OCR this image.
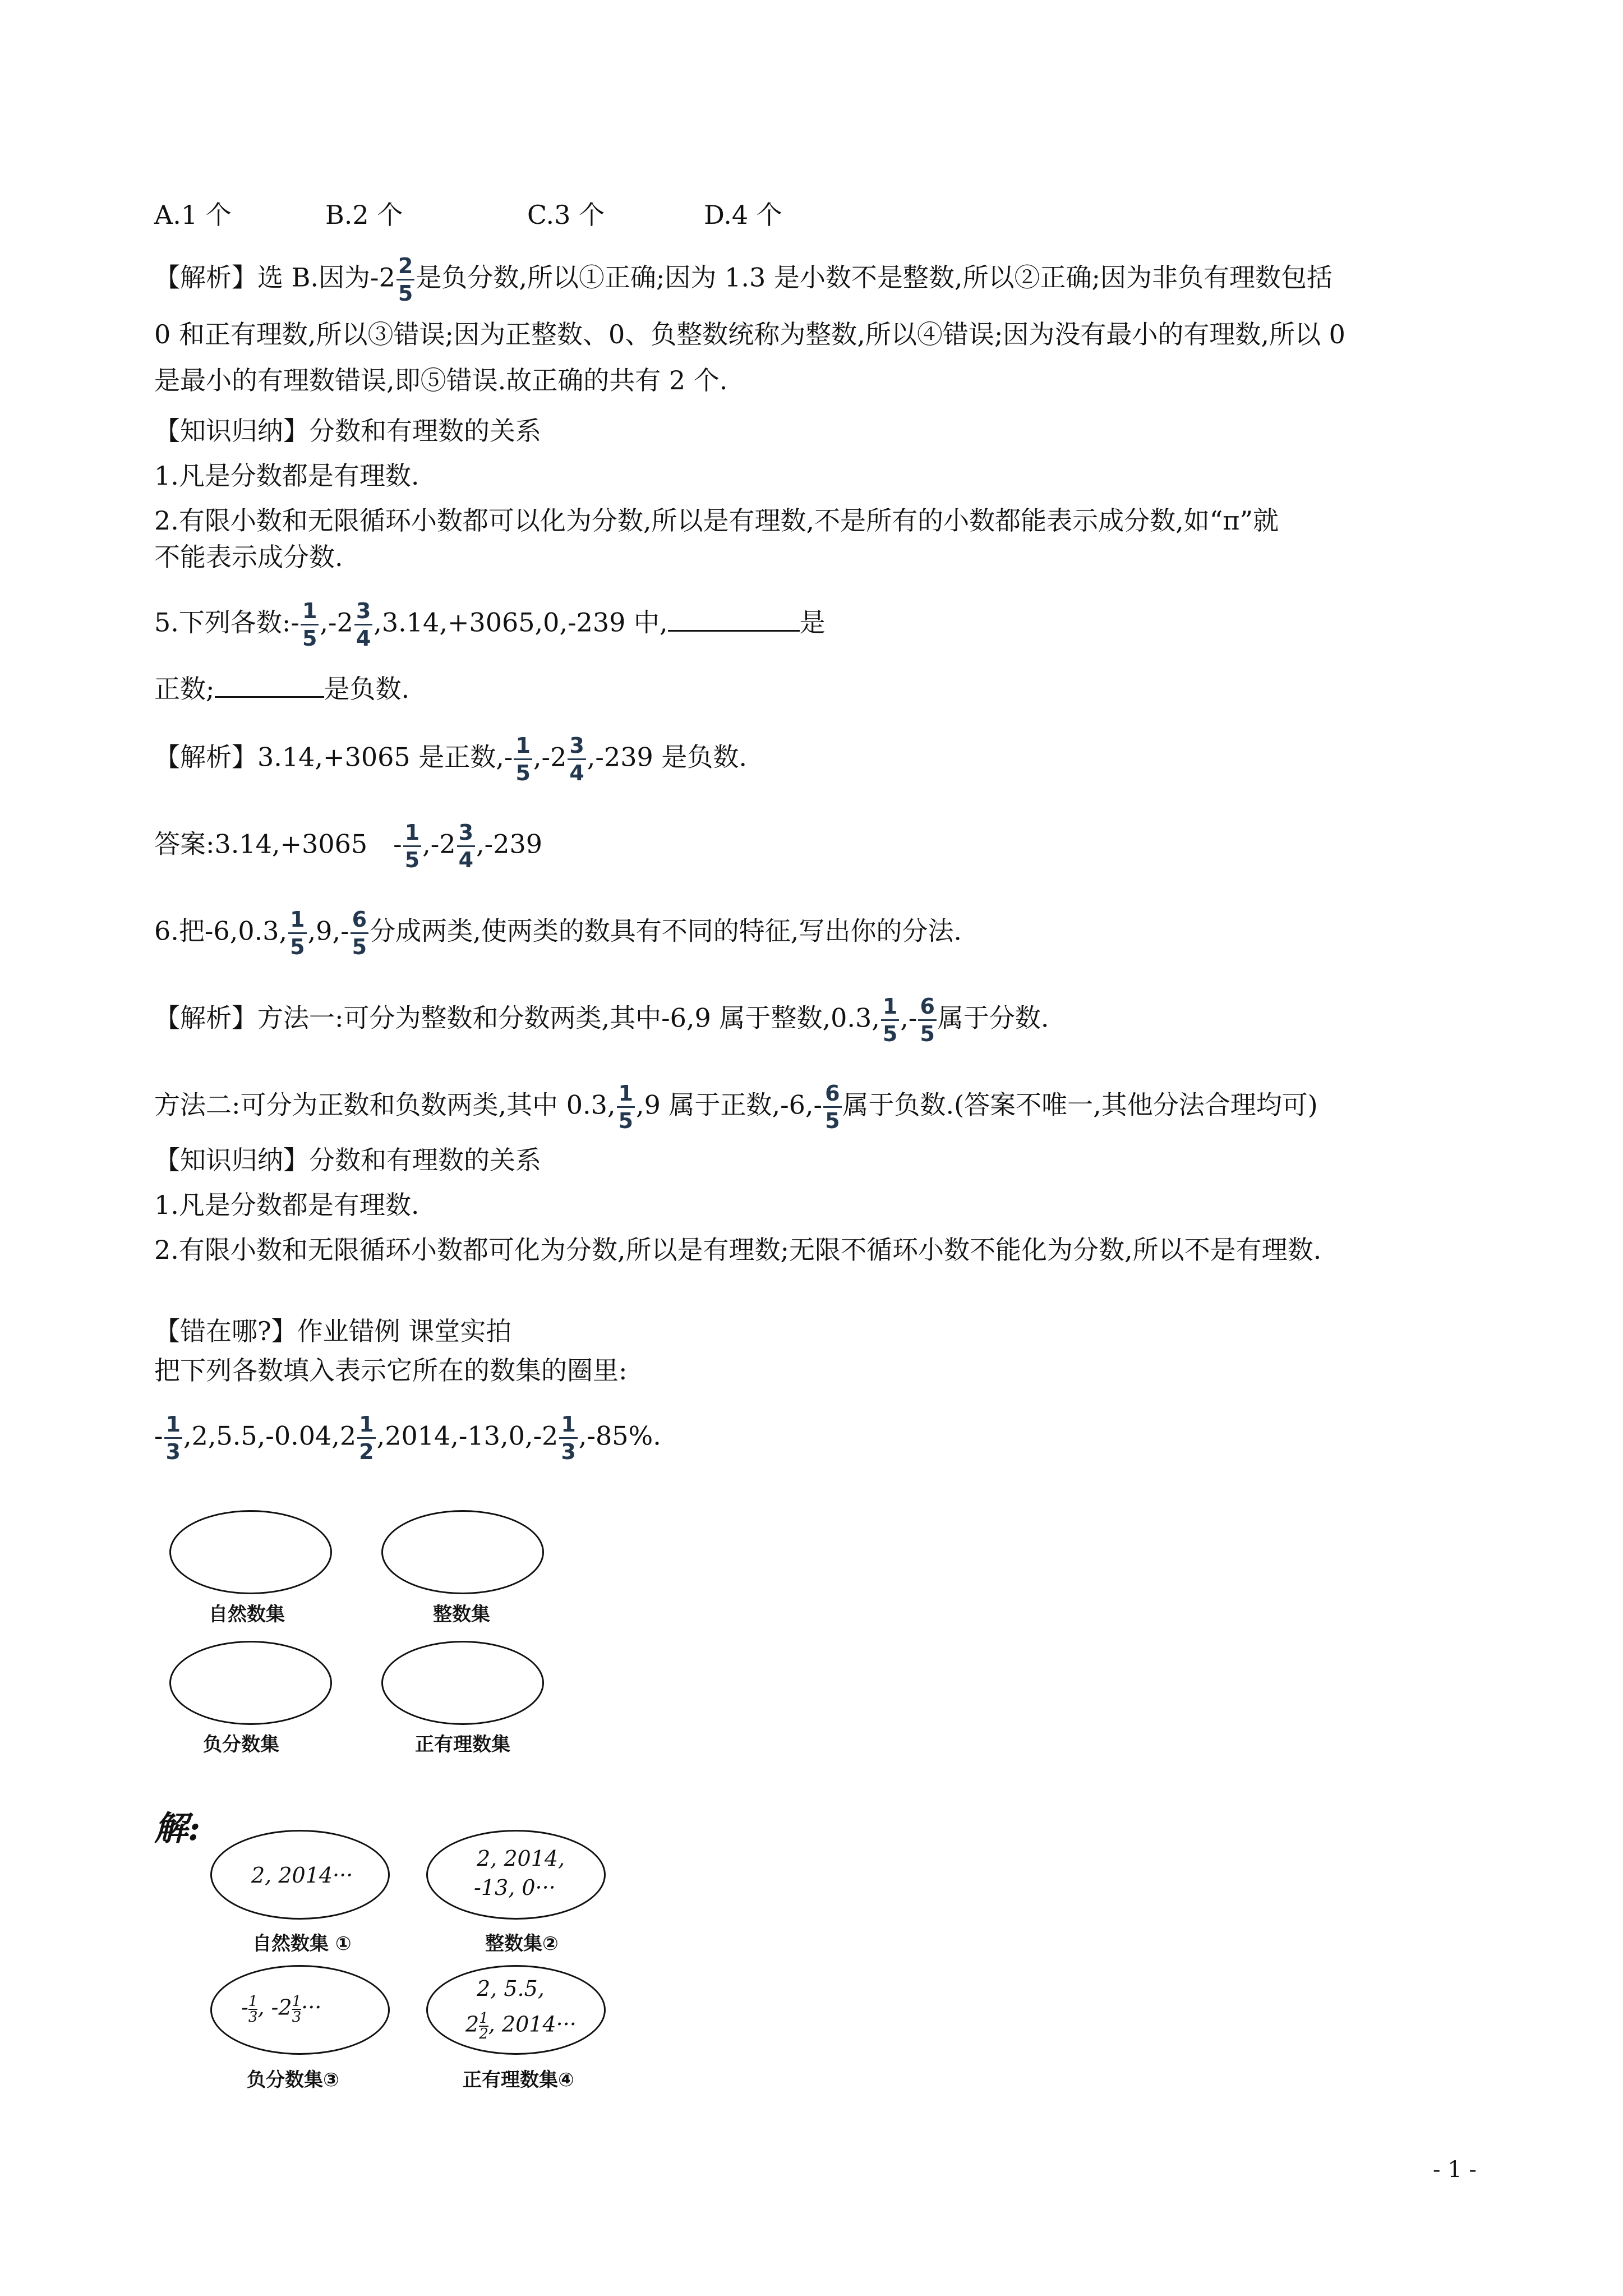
A.1 个	B.2 个	C.3 个	D.4 个
【解析】选 B.因为$-2 \frac{2}{5}$ 是负分数,所以①正确;因为 1.3 是小数不是整数,所以②正确;因为非负有理数包括
0 和正有理数,所以③错误;因为正整数、0、负整数统称为整数,所以④错误;因为没有最小的有理数,所以 0
是最小的有理数错误,即⑤错误.故正确的共有 2 个.
【知识归纳】分数和有理数的关系
1.凡是分数都是有理数.
2.有限小数和无限循环小数都可以化为分数,所以是有理数,不是所有的小数都能表示成分数,如“π”就
不能表示成分数.
5.下列各数:- $\frac{1}{5} ,-2 \frac{3}{4} ,3.14,+3065,0,-239$ 中,	是
正数;	是负数.
【解析】3.14,+3065 是正数,- $\frac{1}{5} ,-2 \frac{3}{4} ,-239$ 是负数.
答案:3.14,+3065　- $\frac{1}{5} ,-2 \frac{3}{4} ,-239$
6.把-6,0.3, $\frac{1}{5} ,9,- \frac{6}{5}$ 分成两类,使两类的数具有不同的特征,写出你的分法.
【解析】方法一:可分为整数和分数两类,其中-6,9 属于整数,0.3, $\frac{1}{5}$ ,- $\frac{6}{5}$ 属于分数.
方法二:可分为正数和负数两类,其中 0.3, $\frac{1}{5} ,9$ 属于正数$,-6,- \frac{6}{5}$ 属于负数.(答案不唯一,其他分法合理均可)
【知识归纳】分数和有理数的关系
1.凡是分数都是有理数.
2.有限小数和无限循环小数都可化为分数,所以是有理数;无限不循环小数不能化为分数,所以不是有理数.
【错在哪?】作业错例 课堂实拍
把下列各数填入表示它所在的数集的圈里:
- $\frac{1}{3} ,2,5.5,-0.04,2 \frac{1}{2} ,2014,-13,0,-2 \frac{1}{3} ,-85\%$.
自然数集	整数集
负分数集	正有理数集
解:
2, 2014···
自然数集 ①
2, 2014,
-13, 0···
整数集②
- $\frac{1}{3}$ , $-2 \frac{1}{3}$ ···
负分数集③
2, 5.5,
$2 \frac{1}{2}$ , 2014···
正有理数集④
- 1 -
